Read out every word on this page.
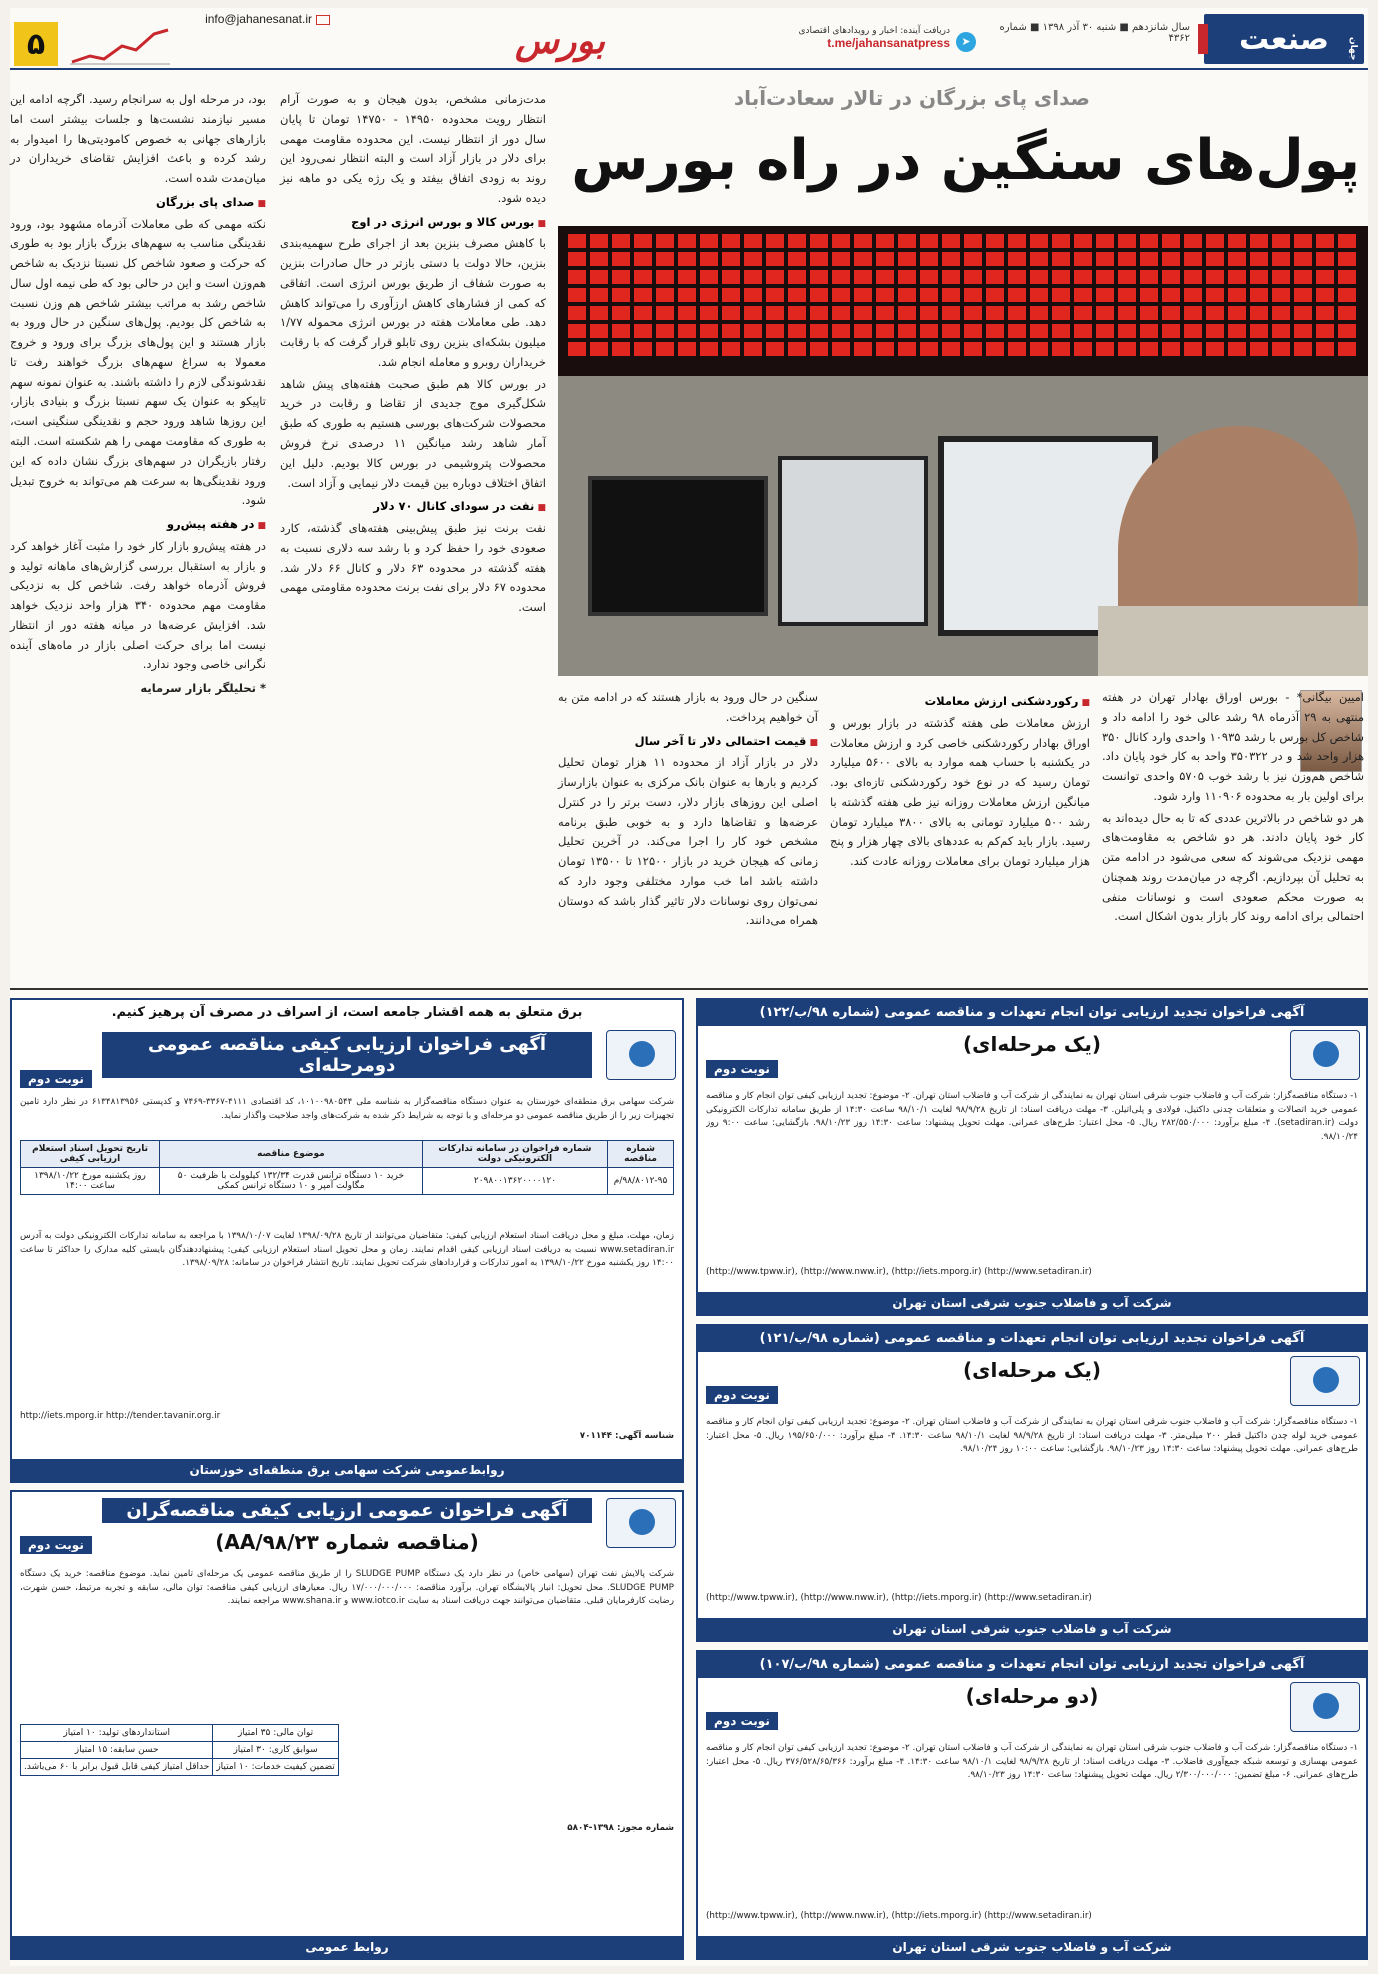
۵
info@jahanesanat.ir
بورس	دریافت آینده: اخبار و رویدادهای اقتصادی
t.me/jahansanatpress	➤
سال شانزدهم ■ شنبه ۳۰ آذر ۱۳۹۸ ■ شماره ۴۳۶۲ صنعت جهان
صدای پای بزرگان در تالار سعادت‌آباد
پول‌های سنگین در راه بورس

بود، در مرحله اول به سرانجام رسید. اگرچه ادامه این مسیر نیازمند نشست‌ها و جلسات بیشتر است اما بازارهای جهانی به خصوص کامودیتی‌ها را امیدوار به رشد کرده و باعث افزایش تقاضای خریداران در میان‌مدت شده است.

■ صدای پای بزرگان

نکته مهمی که طی معاملات آذرماه مشهود بود، ورود نقدینگی مناسب به سهم‌های بزرگ بازار بود به طوری که حرکت و صعود شاخص کل نسبتا نزدیک به شاخص هم‌وزن است و این در حالی بود که طی نیمه اول سال شاخص رشد به مراتب بیشتر شاخص هم وزن نسبت به شاخص کل بودیم. پول‌های سنگین در حال ورود به بازار هستند و این پول‌های بزرگ برای ورود و خروج معمولا به سراغ سهم‌های بزرگ خواهند رفت تا نقدشوندگی لازم را داشته باشند. به عنوان نمونه سهم تاپیکو به عنوان یک سهم نسبتا بزرگ و بنیادی بازار، این روزها شاهد ورود حجم و نقدینگی سنگینی است، به طوری که مقاومت مهمی را هم شکسته است. البته رفتار بازیگران در سهم‌های بزرگ نشان داده که این ورود نقدینگی‌ها به سرعت هم می‌تواند به خروج تبدیل شود.

■ در هفته پیش‌رو

در هفته پیش‌رو بازار کار خود را مثبت آغاز خواهد کرد و بازار به استقبال بررسی گزارش‌های ماهانه تولید و فروش آذرماه خواهد رفت. شاخص کل به نزدیکی مقاومت مهم محدوده ۳۴۰ هزار واحد نزدیک خواهد شد. افزایش عرضه‌ها در میانه هفته دور از انتظار نیست اما برای حرکت اصلی بازار در ماه‌های آینده نگرانی خاصی وجود ندارد.

* تحلیلگر بازار سرمایه

مدت‌زمانی مشخص، بدون هیجان و به صورت آرام انتظار رویت محدوده ۱۴۹۵۰ - ۱۴۷۵۰ تومان تا پایان سال دور از انتظار نیست. این محدوده مقاومت مهمی برای دلار در بازار آزاد است و البته انتظار نمی‌رود این روند به زودی اتفاق بیفتد و یک رژه یکی دو ماهه نیز دیده شود.

■ بورس کالا و بورس انرژی در اوج

با کاهش مصرف بنزین بعد از اجرای طرح سهمیه‌بندی بنزین، حالا دولت با دستی بازتر در حال صادرات بنزین به صورت شفاف از طریق بورس انرژی است. اتفاقی که کمی از فشارهای کاهش ارزآوری را می‌تواند کاهش دهد. طی معاملات هفته در بورس انرژی محموله ۱/۷۷ میلیون بشکه‌ای بنزین روی تابلو قرار گرفت که با رقابت خریداران روبرو و معامله انجام شد.

در بورس کالا هم طبق صحبت هفته‌های پیش شاهد شکل‌گیری موج جدیدی از تقاضا و رقابت در خرید محصولات شرکت‌های بورسی هستیم به طوری که طبق آمار شاهد رشد میانگین ۱۱ درصدی نرخ فروش محصولات پتروشیمی در بورس کالا بودیم. دلیل این اتفاق اختلاف دوباره بین قیمت دلار نیمایی و آزاد است.

■ نفت در سودای کانال ۷۰ دلار

نفت برنت نیز طبق پیش‌بینی هفته‌های گذشته، کارد صعودی خود را حفظ کرد و با رشد سه دلاری نسبت به هفته گذشته در محدوده ۶۳ دلار و کانال ۶۶ دلار شد. محدوده ۶۷ دلار برای نفت برنت محدوده مقاومتی مهمی است.

سنگین در حال ورود به بازار هستند که در ادامه متن به آن خواهیم پرداخت.

■ قیمت احتمالی دلار تا آخر سال

دلار در بازار آزاد از محدوده ۱۱ هزار تومان تحلیل کردیم و بارها به عنوان بانک مرکزی به عنوان بازارساز اصلی این روزهای بازار دلار، دست برتر را در کنترل عرضه‌ها و تقاضاها دارد و به خوبی طبق برنامه مشخص خود کار را اجرا می‌کند. در آخرین تحلیل زمانی که هیجان خرید در بازار ۱۲۵۰۰ تا ۱۳۵۰۰ تومان داشته باشد اما خب موارد مختلفی وجود دارد که نمی‌توان روی نوسانات دلار تاثیر گذار باشد که دوستان همراه می‌دانند.

■ رکوردشکنی ارزش معاملات

ارزش معاملات طی هفته گذشته در بازار بورس و اوراق بهادار رکوردشکنی خاصی کرد و ارزش معاملات در یکشنبه با حساب همه موارد به بالای ۵۶۰۰ میلیارد تومان رسید که در نوع خود رکوردشکنی تازه‌ای بود. میانگین ارزش معاملات روزانه نیز طی هفته گذشته با رشد ۵۰۰ میلیارد تومانی به بالای ۳۸۰۰ میلیارد تومان رسید. بازار باید کم‌کم به عددهای بالای چهار هزار و پنج هزار میلیارد تومان برای معاملات روزانه عادت کند.

امیین بیگانی* - بورس اوراق بهادار تهران در هفته منتهی به ۲۹ آذرماه ۹۸ رشد عالی خود را ادامه داد و شاخص کل بورس با رشد ۱۰۹۳۵ واحدی وارد کانال ۳۵۰ هزار واحد شد و در ۳۵۰۳۲۲ واحد به کار خود پایان داد. شاخص هم‌وزن نیز با رشد خوب ۵۷۰۵ واحدی توانست برای اولین بار به محدوده ۱۱۰۹۰۶ وارد شود.

هر دو شاخص در بالاترین عددی که تا به حال دیده‌اند به کار خود پایان دادند. هر دو شاخص به مقاومت‌های مهمی نزدیک می‌شوند که سعی می‌شود در ادامه متن به تحلیل آن بپردازیم. اگرچه در میان‌مدت روند همچنان به صورت محکم صعودی است و نوسانات منفی احتمالی برای ادامه روند کار بازار بدون اشکال است.

برق متعلق به همه اقشار جامعه است، از اسراف در مصرف آن پرهیز کنیم.
آگهی فراخوان ارزیابی کیفی مناقصه عمومی دومرحله‌ای
نوبت دوم
شرکت سهامی برق منطقه‌ای خوزستان به عنوان دستگاه مناقصه‌گزار به شناسه ملی ۱۰۱۰۰۹۸۰۵۴۴، کد اقتصادی ۴۱۱۱-۳۳۶۷-۷۴۶۹ و کدپستی ۶۱۳۴۸۱۳۹۵۶ در نظر دارد تامین تجهیزات زیر را از طریق مناقصه عمومی دو مرحله‌ای و با توجه به شرایط ذکر شده به شرکت‌های واجد صلاحیت واگذار نماید.
شماره مناقصه	شماره فراخوان در سامانه تدارکات الکترونیکی دولت	موضوع مناقصه	تاریخ تحویل اسناد استعلام ارزیابی کیفی
۹۸/۸۰۱۲-۹۵/م	۲۰۹۸۰۰۱۳۶۲۰۰۰۰۱۲۰	خرید ۱۰ دستگاه ترانس قدرت ۱۳۲/۳۴ کیلوولت با ظرفیت ۵۰ مگاولت آمپر و ۱۰ دستگاه ترانس کمکی	روز یکشنبه مورخ ۱۳۹۸/۱۰/۲۲ ساعت ۱۴:۰۰
زمان، مهلت، مبلغ و محل دریافت اسناد استعلام ارزیابی کیفی: متقاضیان می‌توانند از تاریخ ۱۳۹۸/۰۹/۲۸ لغایت ۱۳۹۸/۱۰/۰۷ با مراجعه به سامانه تدارکات الکترونیکی دولت به آدرس www.setadiran.ir نسبت به دریافت اسناد ارزیابی کیفی اقدام نمایند. زمان و محل تحویل اسناد استعلام ارزیابی کیفی: پیشنهاددهندگان بایستی کلیه مدارک را حداکثر تا ساعت ۱۴:۰۰ روز یکشنبه مورخ ۱۳۹۸/۱۰/۲۲ به امور تدارکات و قراردادهای شرکت تحویل نمایند. تاریخ انتشار فراخوان در سامانه: ۱۳۹۸/۰۹/۲۸.
http://iets.mporg.ir http://tender.tavanir.org.ir
شناسه آگهی: ۷۰۱۱۴۴
روابط‌عمومی شرکت سهامی برق منطقه‌ای خوزستان
آگهی فراخوان عمومی ارزیابی کیفی مناقصه‌گران
(مناقصه شماره ۹۸/۲۳/AA)
نوبت دوم
شرکت پالایش نفت تهران (سهامی خاص) در نظر دارد یک دستگاه SLUDGE PUMP را از طریق مناقصه عمومی یک مرحله‌ای تامین نماید. موضوع مناقصه: خرید یک دستگاه SLUDGE PUMP. محل تحویل: انبار پالایشگاه تهران. برآورد مناقصه: ۱۷/۰۰۰/۰۰۰/۰۰۰ ریال. معیارهای ارزیابی کیفی مناقصه: توان مالی، سابقه و تجربه مرتبط، حسن شهرت، رضایت کارفرمایان قبلی. متقاضیان می‌توانند جهت دریافت اسناد به سایت www.iotco.ir و www.shana.ir مراجعه نمایند.
توان مالی: ۳۵ امتیاز	استانداردهای تولید: ۱۰ امتیاز
سوابق کاری: ۳۰ امتیاز	حسن سابقه: ۱۵ امتیاز
تضمین کیفیت خدمات: ۱۰ امتیاز	حداقل امتیاز کیفی قابل قبول برابر با ۶۰ می‌باشد.
شماره مجوز: ۱۳۹۸-۵۸۰۴
روابط عمومی
آگهی فراخوان تجدید ارزیابی توان انجام تعهدات و مناقصه عمومی (شماره ۹۸/ب/۱۲۲)
(یک مرحله‌ای)
نوبت دوم
۱- دستگاه مناقصه‌گزار: شرکت آب و فاضلاب جنوب شرقی استان تهران به نمایندگی از شرکت آب و فاضلاب استان تهران. ۲- موضوع: تجدید ارزیابی کیفی توان انجام کار و مناقصه عمومی خرید اتصالات و متعلقات چدنی داکتیل، فولادی و پلی‌اتیلن. ۳- مهلت دریافت اسناد: از تاریخ ۹۸/۹/۲۸ لغایت ۹۸/۱۰/۱ ساعت ۱۴:۳۰ از طریق سامانه تدارکات الکترونیکی دولت (setadiran.ir). ۴- مبلغ برآورد: ۲۸۲/۵۵۰/۰۰۰ ریال. ۵- محل اعتبار: طرح‌های عمرانی. مهلت تحویل پیشنهاد: ساعت ۱۴:۳۰ روز ۹۸/۱۰/۲۳. بازگشایی: ساعت ۹:۰۰ روز ۹۸/۱۰/۲۴.
(http://www.tpww.ir), (http://www.nww.ir), (http://iets.mporg.ir) (http://www.setadiran.ir)
شرکت آب و فاضلاب جنوب شرقی استان تهران
آگهی فراخوان تجدید ارزیابی توان انجام تعهدات و مناقصه عمومی (شماره ۹۸/ب/۱۲۱)
(یک مرحله‌ای)
نوبت دوم
۱- دستگاه مناقصه‌گزار: شرکت آب و فاضلاب جنوب شرقی استان تهران به نمایندگی از شرکت آب و فاضلاب استان تهران. ۲- موضوع: تجدید ارزیابی کیفی توان انجام کار و مناقصه عمومی خرید لوله چدن داکتیل قطر ۲۰۰ میلی‌متر. ۳- مهلت دریافت اسناد: از تاریخ ۹۸/۹/۲۸ لغایت ۹۸/۱۰/۱ ساعت ۱۴:۳۰. ۴- مبلغ برآورد: ۱۹۵/۶۵۰/۰۰۰ ریال. ۵- محل اعتبار: طرح‌های عمرانی. مهلت تحویل پیشنهاد: ساعت ۱۴:۳۰ روز ۹۸/۱۰/۲۳. بازگشایی: ساعت ۱۰:۰۰ روز ۹۸/۱۰/۲۴.
(http://www.tpww.ir), (http://www.nww.ir), (http://iets.mporg.ir) (http://www.setadiran.ir)
شرکت آب و فاضلاب جنوب شرقی استان تهران
آگهی فراخوان تجدید ارزیابی توان انجام تعهدات و مناقصه عمومی (شماره ۹۸/ب/۱۰۷)
(دو مرحله‌ای)
نوبت دوم
۱- دستگاه مناقصه‌گزار: شرکت آب و فاضلاب جنوب شرقی استان تهران به نمایندگی از شرکت آب و فاضلاب استان تهران. ۲- موضوع: تجدید ارزیابی کیفی توان انجام کار و مناقصه عمومی بهسازی و توسعه شبکه جمع‌آوری فاضلاب. ۳- مهلت دریافت اسناد: از تاریخ ۹۸/۹/۲۸ لغایت ۹۸/۱۰/۱ ساعت ۱۴:۳۰. ۴- مبلغ برآورد: ۳۷۶/۵۲۸/۶۵/۳۶۶ ریال. ۵- محل اعتبار: طرح‌های عمرانی. ۶- مبلغ تضمین: ۲/۳۰۰/۰۰۰/۰۰۰ ریال. مهلت تحویل پیشنهاد: ساعت ۱۴:۳۰ روز ۹۸/۱۰/۲۳.
(http://www.tpww.ir), (http://www.nww.ir), (http://iets.mporg.ir) (http://www.setadiran.ir)
شرکت آب و فاضلاب جنوب شرقی استان تهران
